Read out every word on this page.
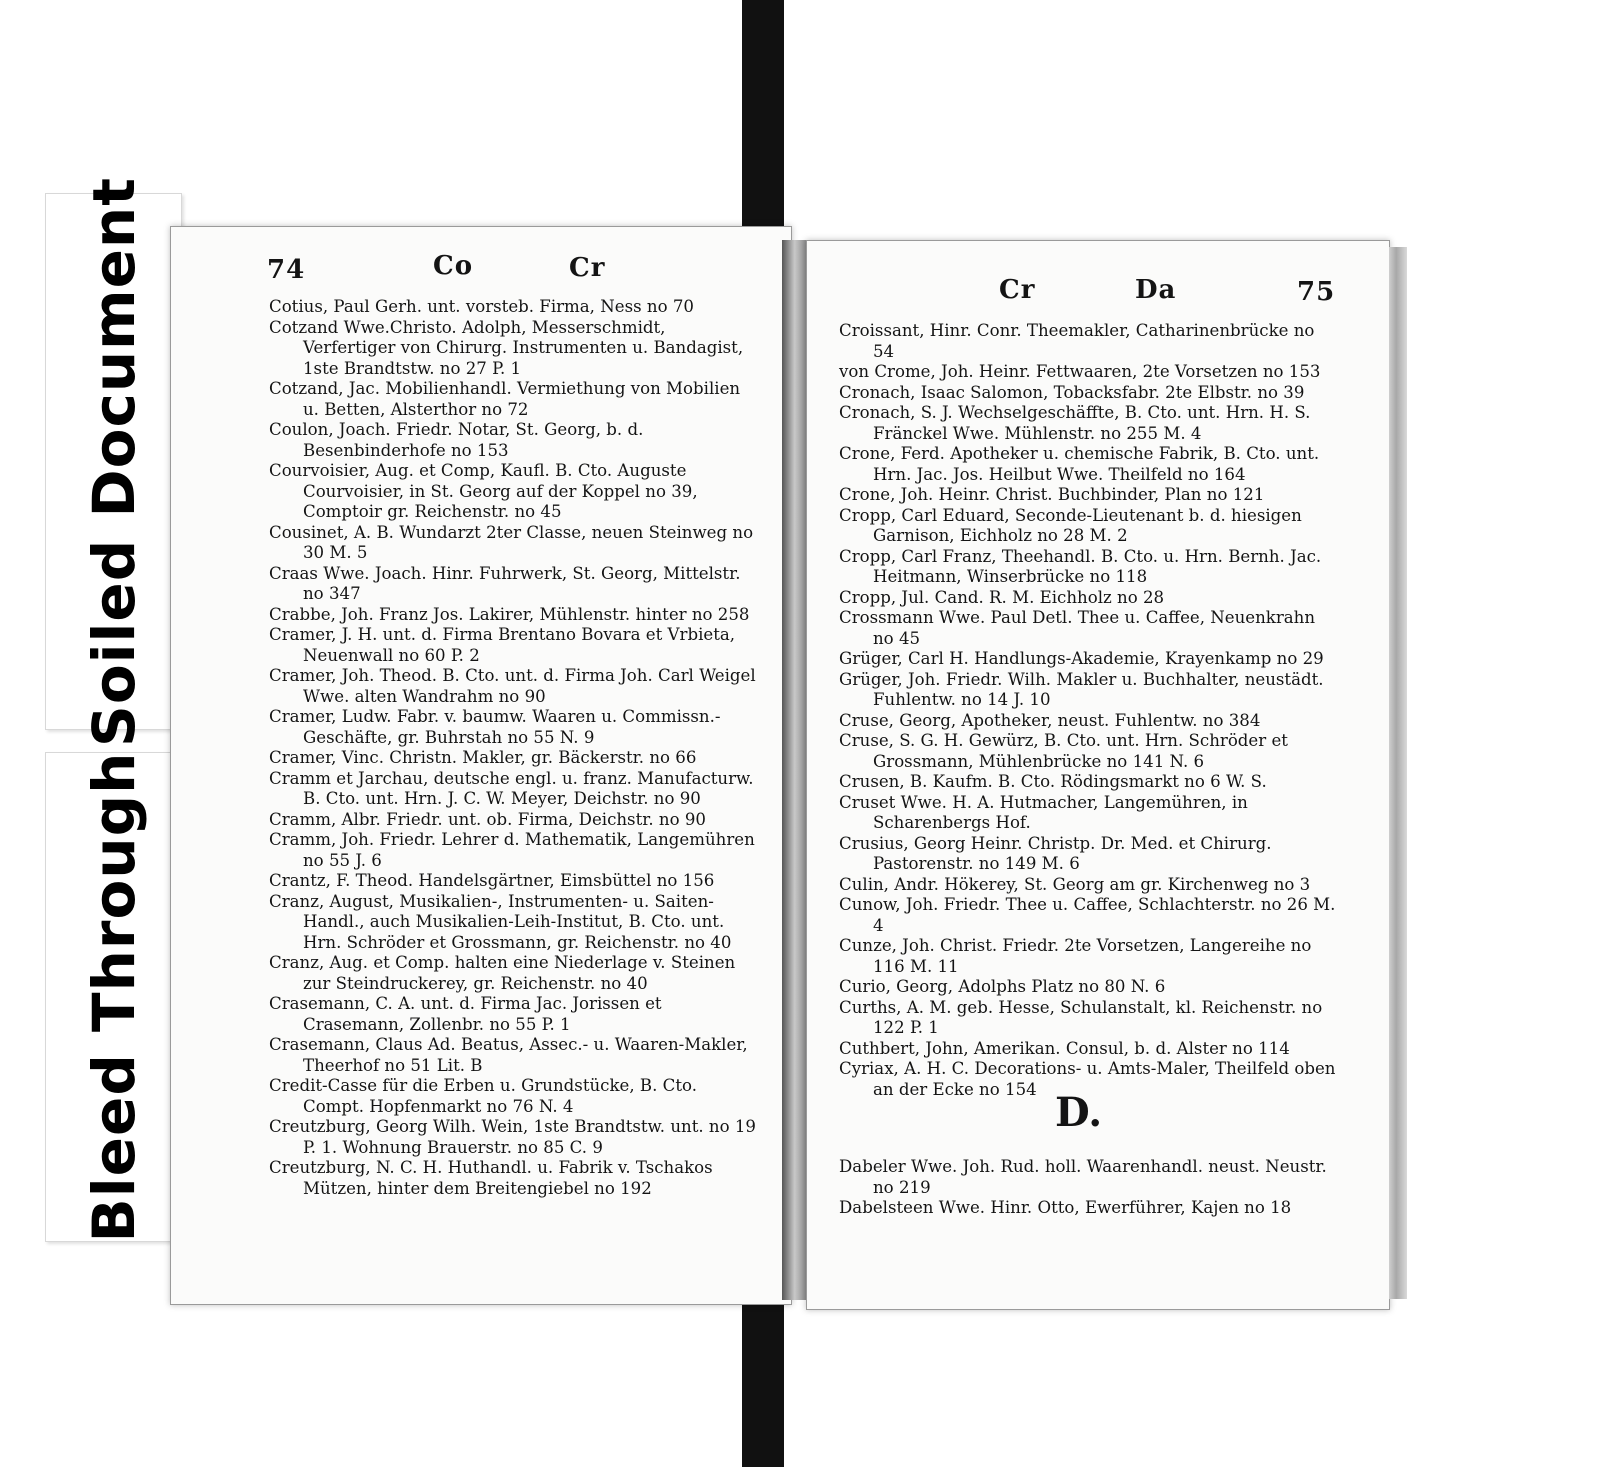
Soiled Document
Bleed Through
74	Co	Cr

Cotius, Paul Gerh. unt. vorsteb. Firma, Ness no 70

Cotzand Wwe.Christo. Adolph, Messerschmidt, Verfertiger von Chirurg. Instrumenten u. Bandagist, 1ste Brandtstw. no 27 P. 1

Cotzand, Jac. Mobilienhandl. Vermiethung von Mobilien u. Betten, Alsterthor no 72

Coulon, Joach. Friedr. Notar, St. Georg, b. d. Besenbinderhofe no 153

Courvoisier, Aug. et Comp, Kaufl. B. Cto. Auguste Courvoisier, in St. Georg auf der Koppel no 39, Comptoir gr. Reichenstr. no 45

Cousinet, A. B. Wundarzt 2ter Classe, neuen Steinweg no 30 M. 5

Craas Wwe. Joach. Hinr. Fuhrwerk, St. Georg, Mittelstr. no 347

Crabbe, Joh. Franz Jos. Lakirer, Mühlenstr. hinter no 258

Cramer, J. H. unt. d. Firma Brentano Bovara et Vrbieta, Neuenwall no 60 P. 2

Cramer, Joh. Theod. B. Cto. unt. d. Firma Joh. Carl Weigel Wwe. alten Wandrahm no 90

Cramer, Ludw. Fabr. v. baumw. Waaren u. Commissn.-Geschäfte, gr. Buhrstah no 55 N. 9

Cramer, Vinc. Christn. Makler, gr. Bäckerstr. no 66

Cramm et Jarchau, deutsche engl. u. franz. Manufacturw. B. Cto. unt. Hrn. J. C. W. Meyer, Deichstr. no 90

Cramm, Albr. Friedr. unt. ob. Firma, Deichstr. no 90

Cramm, Joh. Friedr. Lehrer d. Mathematik, Langemühren no 55 J. 6

Crantz, F. Theod. Handelsgärtner, Eimsbüttel no 156

Cranz, August, Musikalien-, Instrumenten- u. Saiten-Handl., auch Musikalien-Leih-Institut, B. Cto. unt. Hrn. Schröder et Grossmann, gr. Reichenstr. no 40

Cranz, Aug. et Comp. halten eine Niederlage v. Steinen zur Steindruckerey, gr. Reichenstr. no 40

Crasemann, C. A. unt. d. Firma Jac. Jorissen et Crasemann, Zollenbr. no 55 P. 1

Crasemann, Claus Ad. Beatus, Assec.- u. Waaren-Makler, Theerhof no 51 Lit. B

Credit-Casse für die Erben u. Grundstücke, B. Cto. Compt. Hopfenmarkt no 76 N. 4

Creutzburg, Georg Wilh. Wein, 1ste Brandtstw. unt. no 19 P. 1. Wohnung Brauerstr. no 85 C. 9

Creutzburg, N. C. H. Huthandl. u. Fabrik v. Tschakos Mützen, hinter dem Breitengiebel no 192

Cr	Da	75

Croissant, Hinr. Conr. Theemakler, Catharinenbrücke no 54

von Crome, Joh. Heinr. Fettwaaren, 2te Vorsetzen no 153

Cronach, Isaac Salomon, Tobacksfabr. 2te Elbstr. no 39

Cronach, S. J. Wechselgeschäffte, B. Cto. unt. Hrn. H. S. Fränckel Wwe. Mühlenstr. no 255 M. 4

Crone, Ferd. Apotheker u. chemische Fabrik, B. Cto. unt. Hrn. Jac. Jos. Heilbut Wwe. Theilfeld no 164

Crone, Joh. Heinr. Christ. Buchbinder, Plan no 121

Cropp, Carl Eduard, Seconde-Lieutenant b. d. hiesigen Garnison, Eichholz no 28 M. 2

Cropp, Carl Franz, Theehandl. B. Cto. u. Hrn. Bernh. Jac. Heitmann, Winserbrücke no 118

Cropp, Jul. Cand. R. M. Eichholz no 28

Crossmann Wwe. Paul Detl. Thee u. Caffee, Neuenkrahn no 45

Grüger, Carl H. Handlungs-Akademie, Krayenkamp no 29

Grüger, Joh. Friedr. Wilh. Makler u. Buchhalter, neustädt. Fuhlentw. no 14 J. 10

Cruse, Georg, Apotheker, neust. Fuhlentw. no 384

Cruse, S. G. H. Gewürz, B. Cto. unt. Hrn. Schröder et Grossmann, Mühlenbrücke no 141 N. 6

Crusen, B. Kaufm. B. Cto. Rödingsmarkt no 6 W. S.

Cruset Wwe. H. A. Hutmacher, Langemühren, in Scharenbergs Hof.

Crusius, Georg Heinr. Christp. Dr. Med. et Chirurg. Pastorenstr. no 149 M. 6

Culin, Andr. Hökerey, St. Georg am gr. Kirchenweg no 3

Cunow, Joh. Friedr. Thee u. Caffee, Schlachterstr. no 26 M. 4

Cunze, Joh. Christ. Friedr. 2te Vorsetzen, Langereihe no 116 M. 11

Curio, Georg, Adolphs Platz no 80 N. 6

Curths, A. M. geb. Hesse, Schulanstalt, kl. Reichenstr. no 122 P. 1

Cuthbert, John, Amerikan. Consul, b. d. Alster no 114

Cyriax, A. H. C. Decorations- u. Amts-Maler, Theilfeld oben an der Ecke no 154 D.

Dabeler Wwe. Joh. Rud. holl. Waarenhandl. neust. Neustr. no 219

Dabelsteen Wwe. Hinr. Otto, Ewerführer, Kajen no 18
